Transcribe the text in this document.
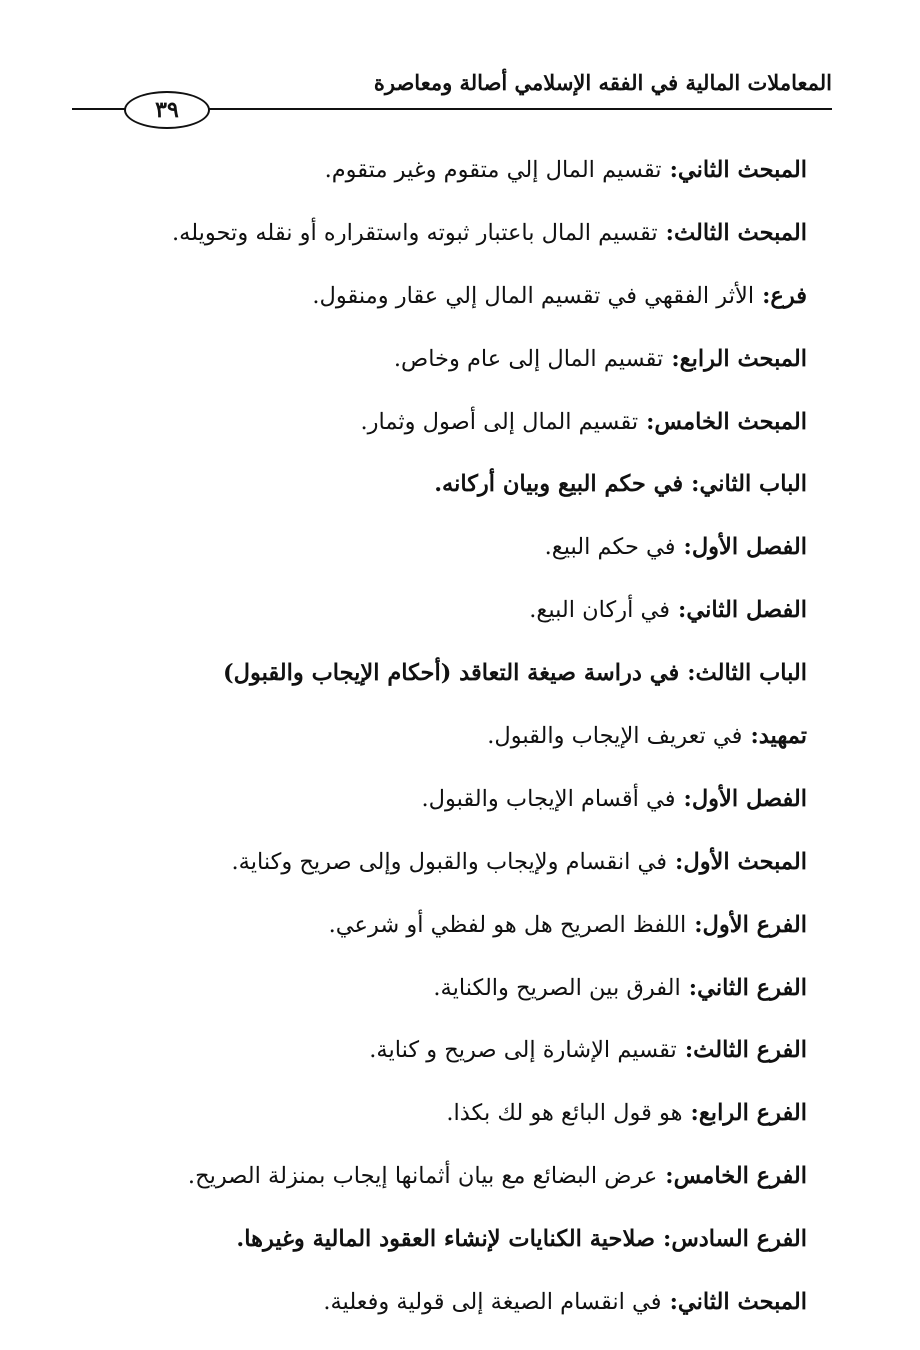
المعاملات المالية في الفقه الإسلامي أصالة ومعاصرة
٣٩
المبحث الثاني:تقسيم المال إلي متقوم وغير متقوم.
المبحث الثالث:تقسيم المال باعتبار ثبوته واستقراره أو نقله وتحويله.
فرع:الأثر الفقهي في تقسيم المال إلي عقار ومنقول.
المبحث الرابع:تقسيم المال إلى عام وخاص.
المبحث الخامس:تقسيم المال إلى أصول وثمار.
الباب الثاني:في حكم البيع وبيان أركانه.
الفصل الأول:في حكم البيع.
الفصل الثاني:في أركان البيع.
الباب الثالث:في دراسة صيغة التعاقد (أحكام الإيجاب والقبول)
تمهيد:في تعريف الإيجاب والقبول.
الفصل الأول:في أقسام الإيجاب والقبول.
المبحث الأول:في انقسام ولإيجاب والقبول وإلى صريح وكناية.
الفرع الأول:اللفظ الصريح هل هو لفظي أو شرعي.
الفرع الثاني:الفرق بين الصريح والكناية.
الفرع الثالث:تقسيم الإشارة إلى صريح و كناية.
الفرع الرابع:هو قول البائع هو لك بكذا.
الفرع الخامس:عرض البضائع مع بيان أثمانها إيجاب بمنزلة الصريح.
الفرع السادس:صلاحية الكنايات لإنشاء العقود المالية وغيرها.
المبحث الثاني:في انقسام الصيغة إلى قولية وفعلية.
